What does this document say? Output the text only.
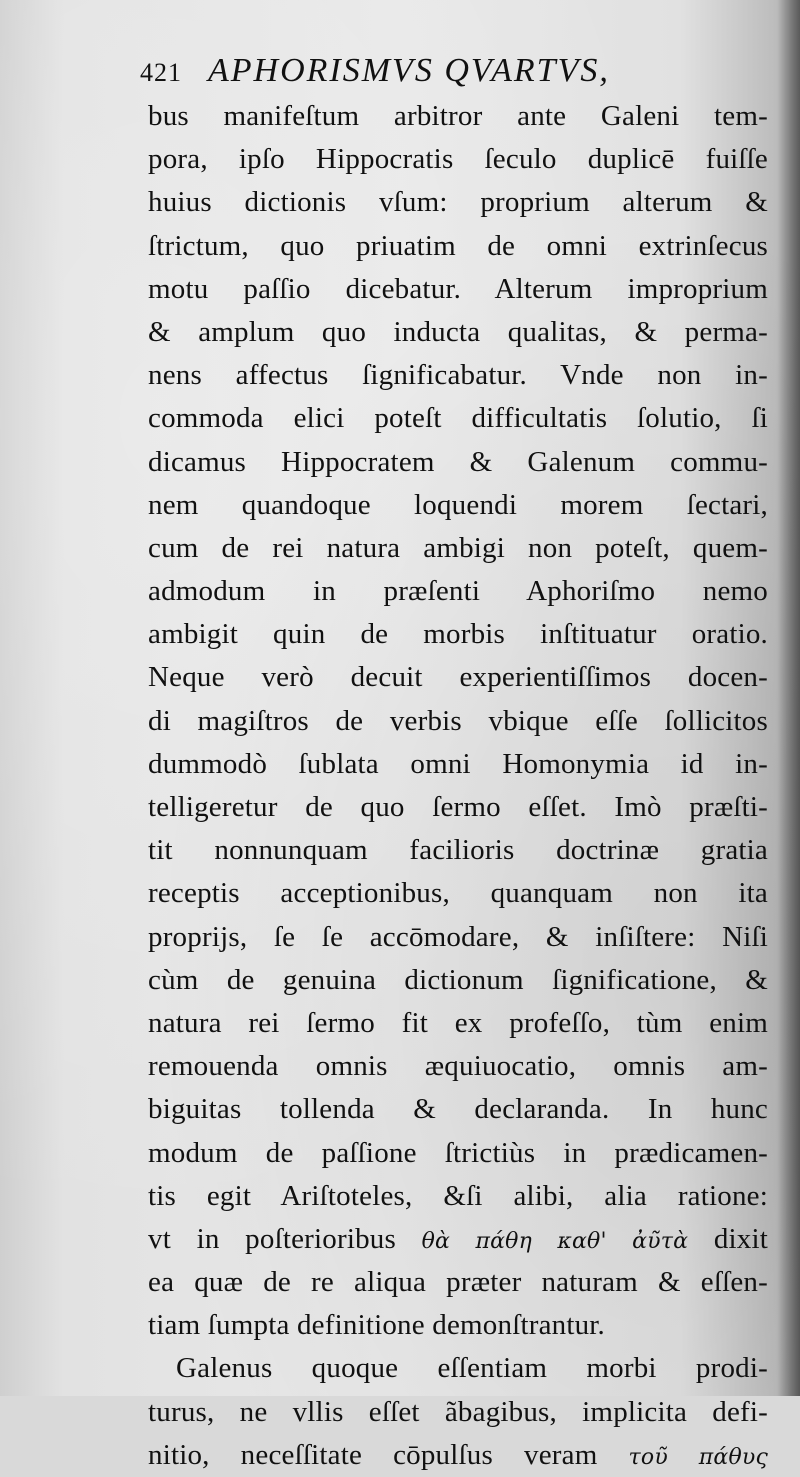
421 APHORISMVS QVARTVS,
bus manifeſtum arbitror ante Galeni tem-
pora, ipſo Hippocratis ſeculo duplicē fuiſſe
huius dictionis vſum: proprium alterum &
ſtrictum, quo priuatim de omni extrinſecus
motu paſſio dicebatur. Alterum improprium
& amplum quo inducta qualitas, & perma-
nens affectus ſignificabatur. Vnde non in-
commoda elici poteſt difficultatis ſolutio, ſi
dicamus Hippocratem & Galenum commu-
nem quandoque loquendi morem ſectari,
cum de rei natura ambigi non poteſt, quem-
admodum in præſenti Aphoriſmo nemo
ambigit quin de morbis inſtituatur oratio.
Neque verò decuit experientiſſimos docen-
di magiſtros de verbis vbique eſſe ſollicitos
dummodò ſublata omni Homonymia id in-
telligeretur de quo ſermo eſſet. Imò præſti-
tit nonnunquam facilioris doctrinæ gratia
receptis acceptionibus, quanquam non ita
proprijs, ſe ſe accōmodare, & inſiſtere: Niſi
cùm de genuina dictionum ſignificatione, &
natura rei ſermo fit ex profeſſo, tùm enim
remouenda omnis æquiuocatio, omnis am-
biguitas tollenda & declaranda. In hunc
modum de paſſione ſtrictiùs in prædicamen-
tis egit Ariſtoteles, &ſi alibi, alia ratione:
vt in poſterioribus θὰ πάθη καθ' ἀυ̃τὰ dixit
ea quæ de re aliqua præter naturam & eſſen-
tiam ſumpta definitione demonſtrantur.
Galenus quoque eſſentiam morbi prodi-
turus, ne vllis eſſet ãbagibus, implicita defi-
nitio, neceſſitate cōpulſus veram του̃ πάθυς
